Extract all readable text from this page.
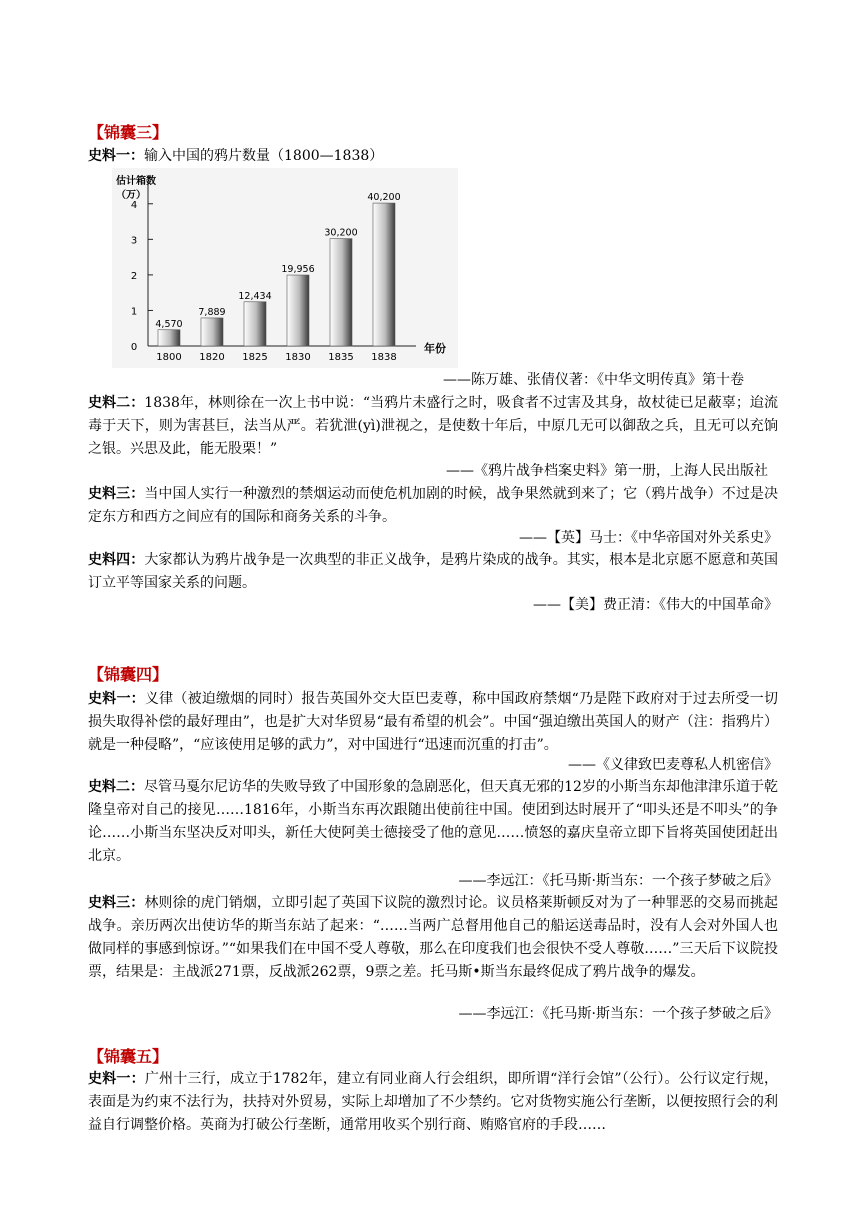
【锦囊三】
史料一：输入中国的鸦片数量（1800—1838）
0
1
2
3
4
估计箱数
（万）
年份
4,570
1800
7,889
1820
12,434
1825
19,956
1830
30,200
1835
40,200
1838
——陈万雄、张倩仪著：《中华文明传真》第十卷
史料二：1838年，林则徐在一次上书中说：“当鸦片未盛行之时，吸食者不过害及其身，故杖徒已足蔽辜；迨流毒于天下，则为害甚巨，法当从严。若犹泄(yì)泄视之，是使数十年后，中原几无可以御敌之兵，且无可以充饷之银。兴思及此，能无股栗！”
——《鸦片战争档案史料》第一册，上海人民出版社
史料三：当中国人实行一种激烈的禁烟运动而使危机加剧的时候，战争果然就到来了；它（鸦片战争）不过是决定东方和西方之间应有的国际和商务关系的斗争。
——【英】马士：《中华帝国对外关系史》
史料四：大家都认为鸦片战争是一次典型的非正义战争，是鸦片染成的战争。其实，根本是北京愿不愿意和英国订立平等国家关系的问题。
——【美】费正清：《伟大的中国革命》
【锦囊四】
史料一：义律（被迫缴烟的同时）报告英国外交大臣巴麦尊，称中国政府禁烟“乃是陛下政府对于过去所受一切损失取得补偿的最好理由”，也是扩大对华贸易“最有希望的机会”。中国“强迫缴出英国人的财产（注：指鸦片）就是一种侵略”，“应该使用足够的武力”，对中国进行“迅速而沉重的打击”。
——《义律致巴麦尊私人机密信》
史料二：尽管马戛尔尼访华的失败导致了中国形象的急剧恶化，但天真无邪的12岁的小斯当东却他津津乐道于乾隆皇帝对自己的接见……1816年，小斯当东再次跟随出使前往中国。使团到达时展开了“叩头还是不叩头”的争论……小斯当东坚决反对叩头，新任大使阿美士德接受了他的意见……愤怒的嘉庆皇帝立即下旨将英国使团赶出北京。
——李远江：《托马斯·斯当东：一个孩子梦破之后》
史料三：林则徐的虎门销烟，立即引起了英国下议院的激烈讨论。议员格莱斯顿反对为了一种罪恶的交易而挑起战争。亲历两次出使访华的斯当东站了起来：“……当两广总督用他自己的船运送毒品时，没有人会对外国人也做同样的事感到惊讶。”“如果我们在中国不受人尊敬，那么在印度我们也会很快不受人尊敬……”三天后下议院投票，结果是：主战派271票，反战派262票，9票之差。托马斯•斯当东最终促成了鸦片战争的爆发。
——李远江：《托马斯·斯当东：一个孩子梦破之后》
【锦囊五】
史料一：广州十三行，成立于1782年，建立有同业商人行会组织，即所谓“洋行会馆”（公行）。公行议定行规，表面是为约束不法行为，扶持对外贸易，实际上却增加了不少禁约。它对货物实施公行垄断，以便按照行会的利益自行调整价格。英商为打破公行垄断，通常用收买个别行商、贿赂官府的手段……
